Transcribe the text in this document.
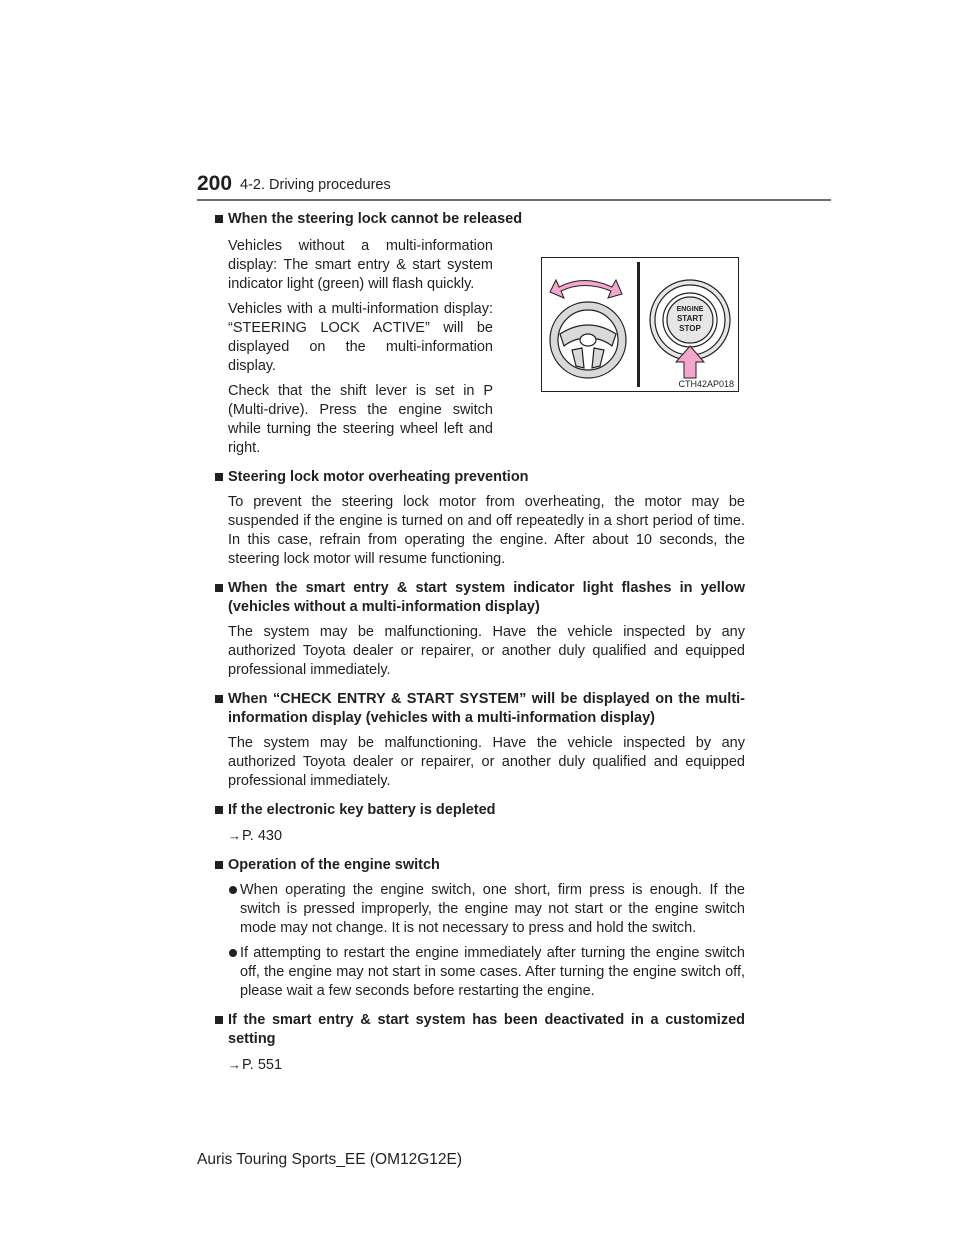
200 4-2. Driving procedures
When the steering lock cannot be released
Vehicles without a multi-information display: The smart entry & start system indicator light (green) will flash quickly.
Vehicles with a multi-information display: “STEERING LOCK ACTIVE” will be displayed on the multi-information display.
Check that the shift lever is set in P (Multi-drive). Press the engine switch while turning the steering wheel left and right.
ENGINE
START
STOP
CTH42AP018
Steering lock motor overheating prevention
To prevent the steering lock motor from overheating, the motor may be suspended if the engine is turned on and off repeatedly in a short period of time. In this case, refrain from operating the engine. After about 10 seconds, the steering lock motor will resume functioning.
When the smart entry & start system indicator light flashes in yellow (vehicles without a multi-information display)
The system may be malfunctioning. Have the vehicle inspected by any authorized Toyota dealer or repairer, or another duly qualified and equipped professional immediately.
When “CHECK ENTRY & START SYSTEM” will be displayed on the multi-information display (vehicles with a multi-information display)
The system may be malfunctioning. Have the vehicle inspected by any authorized Toyota dealer or repairer, or another duly qualified and equipped professional immediately.
If the electronic key battery is depleted
→P. 430
Operation of the engine switch
When operating the engine switch, one short, firm press is enough. If the switch is pressed improperly, the engine may not start or the engine switch mode may not change. It is not necessary to press and hold the switch.
If attempting to restart the engine immediately after turning the engine switch off, the engine may not start in some cases. After turning the engine switch off, please wait a few seconds before restarting the engine.
If the smart entry & start system has been deactivated in a customized setting
→P. 551
Auris Touring Sports_EE (OM12G12E)
